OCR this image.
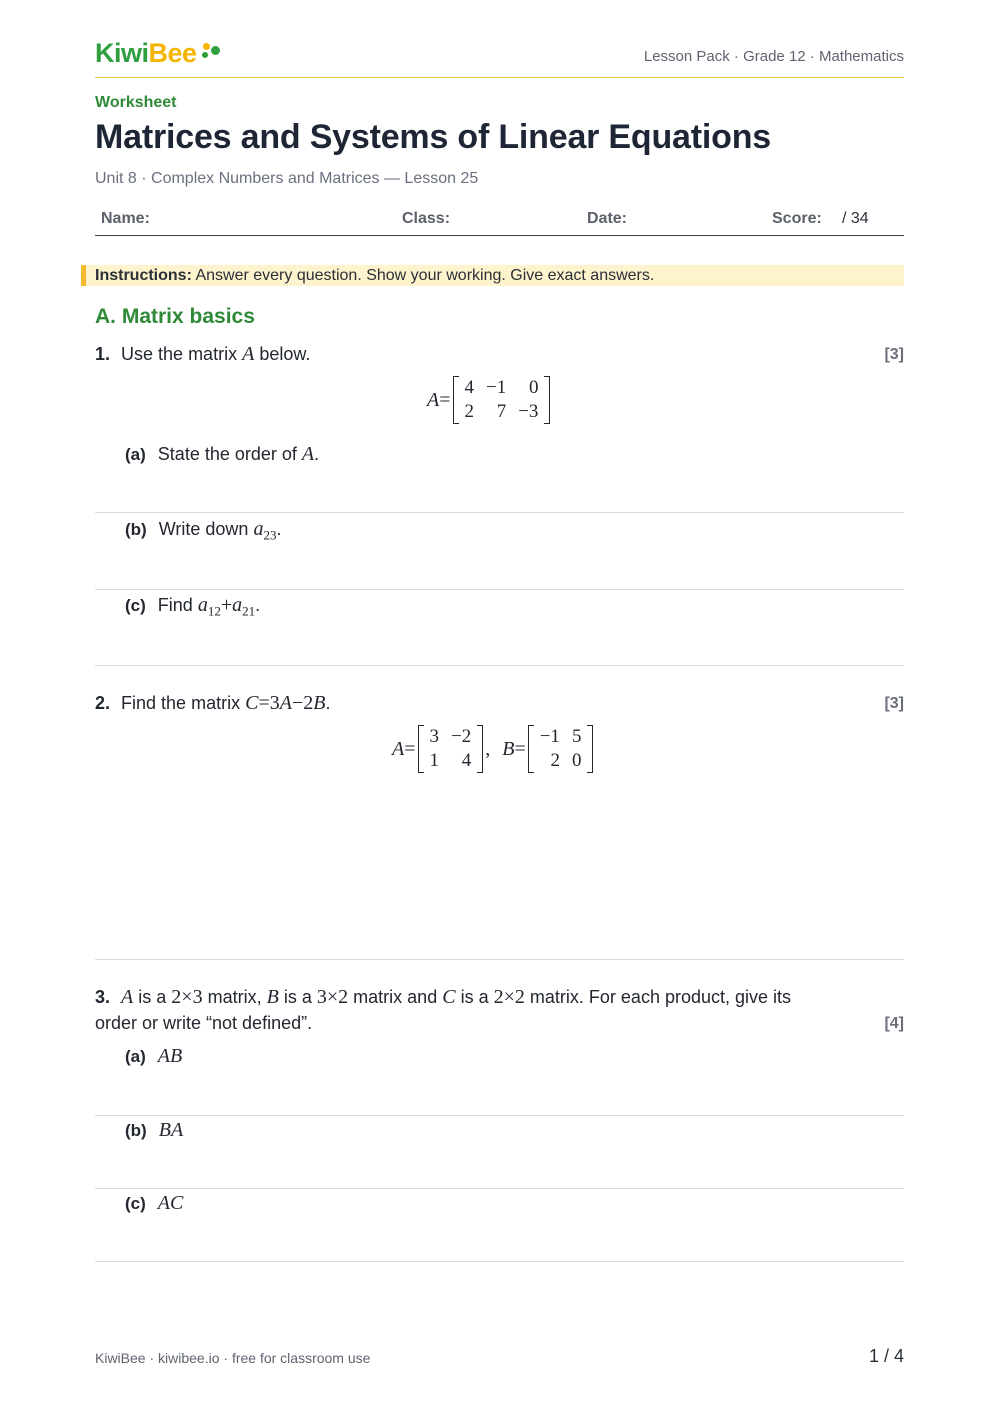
KiwiBee	Lesson Pack · Grade 12 · Mathematics
Worksheet
Matrices and Systems of Linear Equations
Unit 8 · Complex Numbers and Matrices — Lesson 25
Name:	Class:	Date:	Score: / 34
Instructions: Answer every question. Show your working. Give exact answers.
A. Matrix basics
1. Use the matrix A below.	[3]
A =
4	−1	0
2	7	−3
(a) State the order of A.
(b) Write down $a_{23}$.
(c) Find $a_{12}+a_{21}$.
2. Find the matrix C=3A−2B.	[3]
A =
3	−2
1	4
, B =
−1	5
2	0
3. A is a 2×3 matrix, B is a 3×2 matrix and C is a 2×2 matrix. For each product, give its
order or write “not defined”.	[4]
(a) AB
(b) BA
(c) AC
KiwiBee · kiwibee.io · free for classroom use	1 / 4
